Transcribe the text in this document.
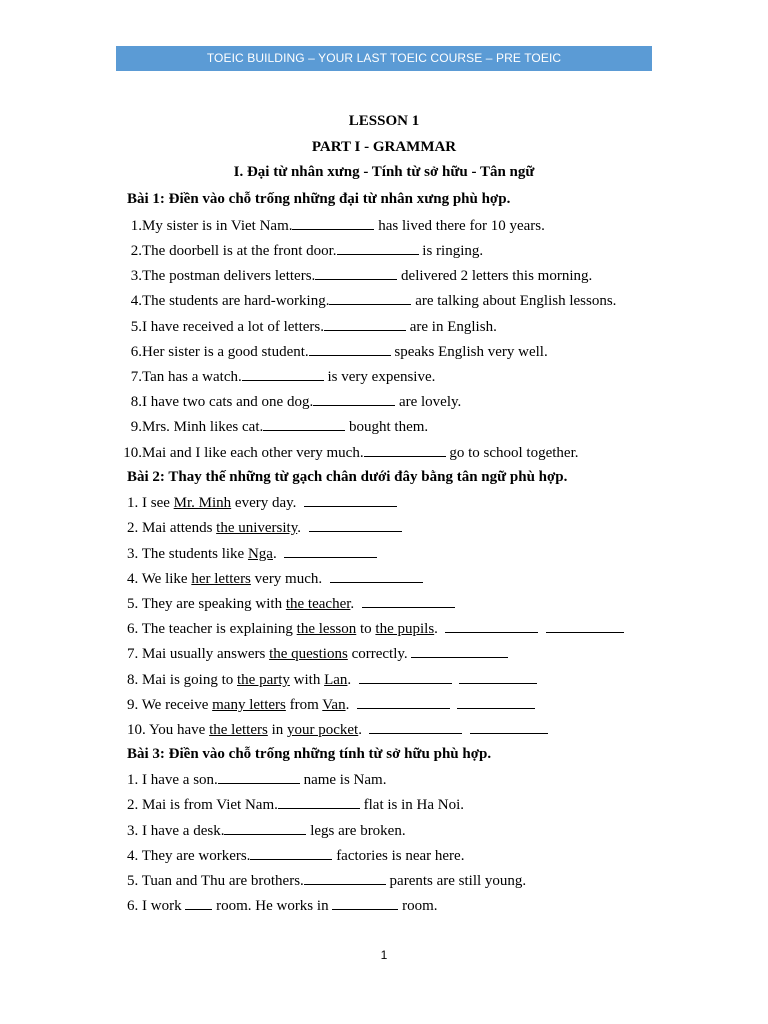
TOEIC BUILDING – YOUR LAST TOEIC COURSE – PRE TOEIC
LESSON 1
PART I - GRAMMAR
I. Đại từ nhân xưng - Tính từ sở hữu - Tân ngữ
Bài 1: Điền vào chỗ trống những đại từ nhân xưng phù hợp.
1.My sister is in Viet Nam.	has lived there for 10 years.
2.The doorbell is at the front door.	is ringing.
3.The postman delivers letters.	delivered 2 letters this morning.
4.The students are hard-working.	are talking about English lessons.
5.I have received a lot of letters.	are in English.
6.Her sister is a good student.	speaks English very well.
7.Tan has a watch.	is very expensive.
8.I have two cats and one dog.	are lovely.
9.Mrs. Minh likes cat.	bought them.
10.Mai and I like each other very much.	go to school together.
Bài 2: Thay thế những từ gạch chân dưới đây bằng tân ngữ phù hợp.
1. I see Mr. Minh every day.
2. Mai attends the university.
3. The students like Nga.
4. We like her letters very much.
5. They are speaking with the teacher.
6. The teacher is explaining the lesson to the pupils.
7. Mai usually answers the questions correctly.
8. Mai is going to the party with Lan.
9. We receive many letters from Van.
10. You have the letters in your pocket.
Bài 3: Điền vào chỗ trống những tính từ sở hữu phù hợp.
1. I have a son.	name is Nam.
2. Mai is from Viet Nam.	flat is in Ha Noi.
3. I have a desk.	legs are broken.
4. They are workers.	factories is near here.
5. Tuan and Thu are brothers.	parents are still young.
6. I work  room. He works in	room.
1
